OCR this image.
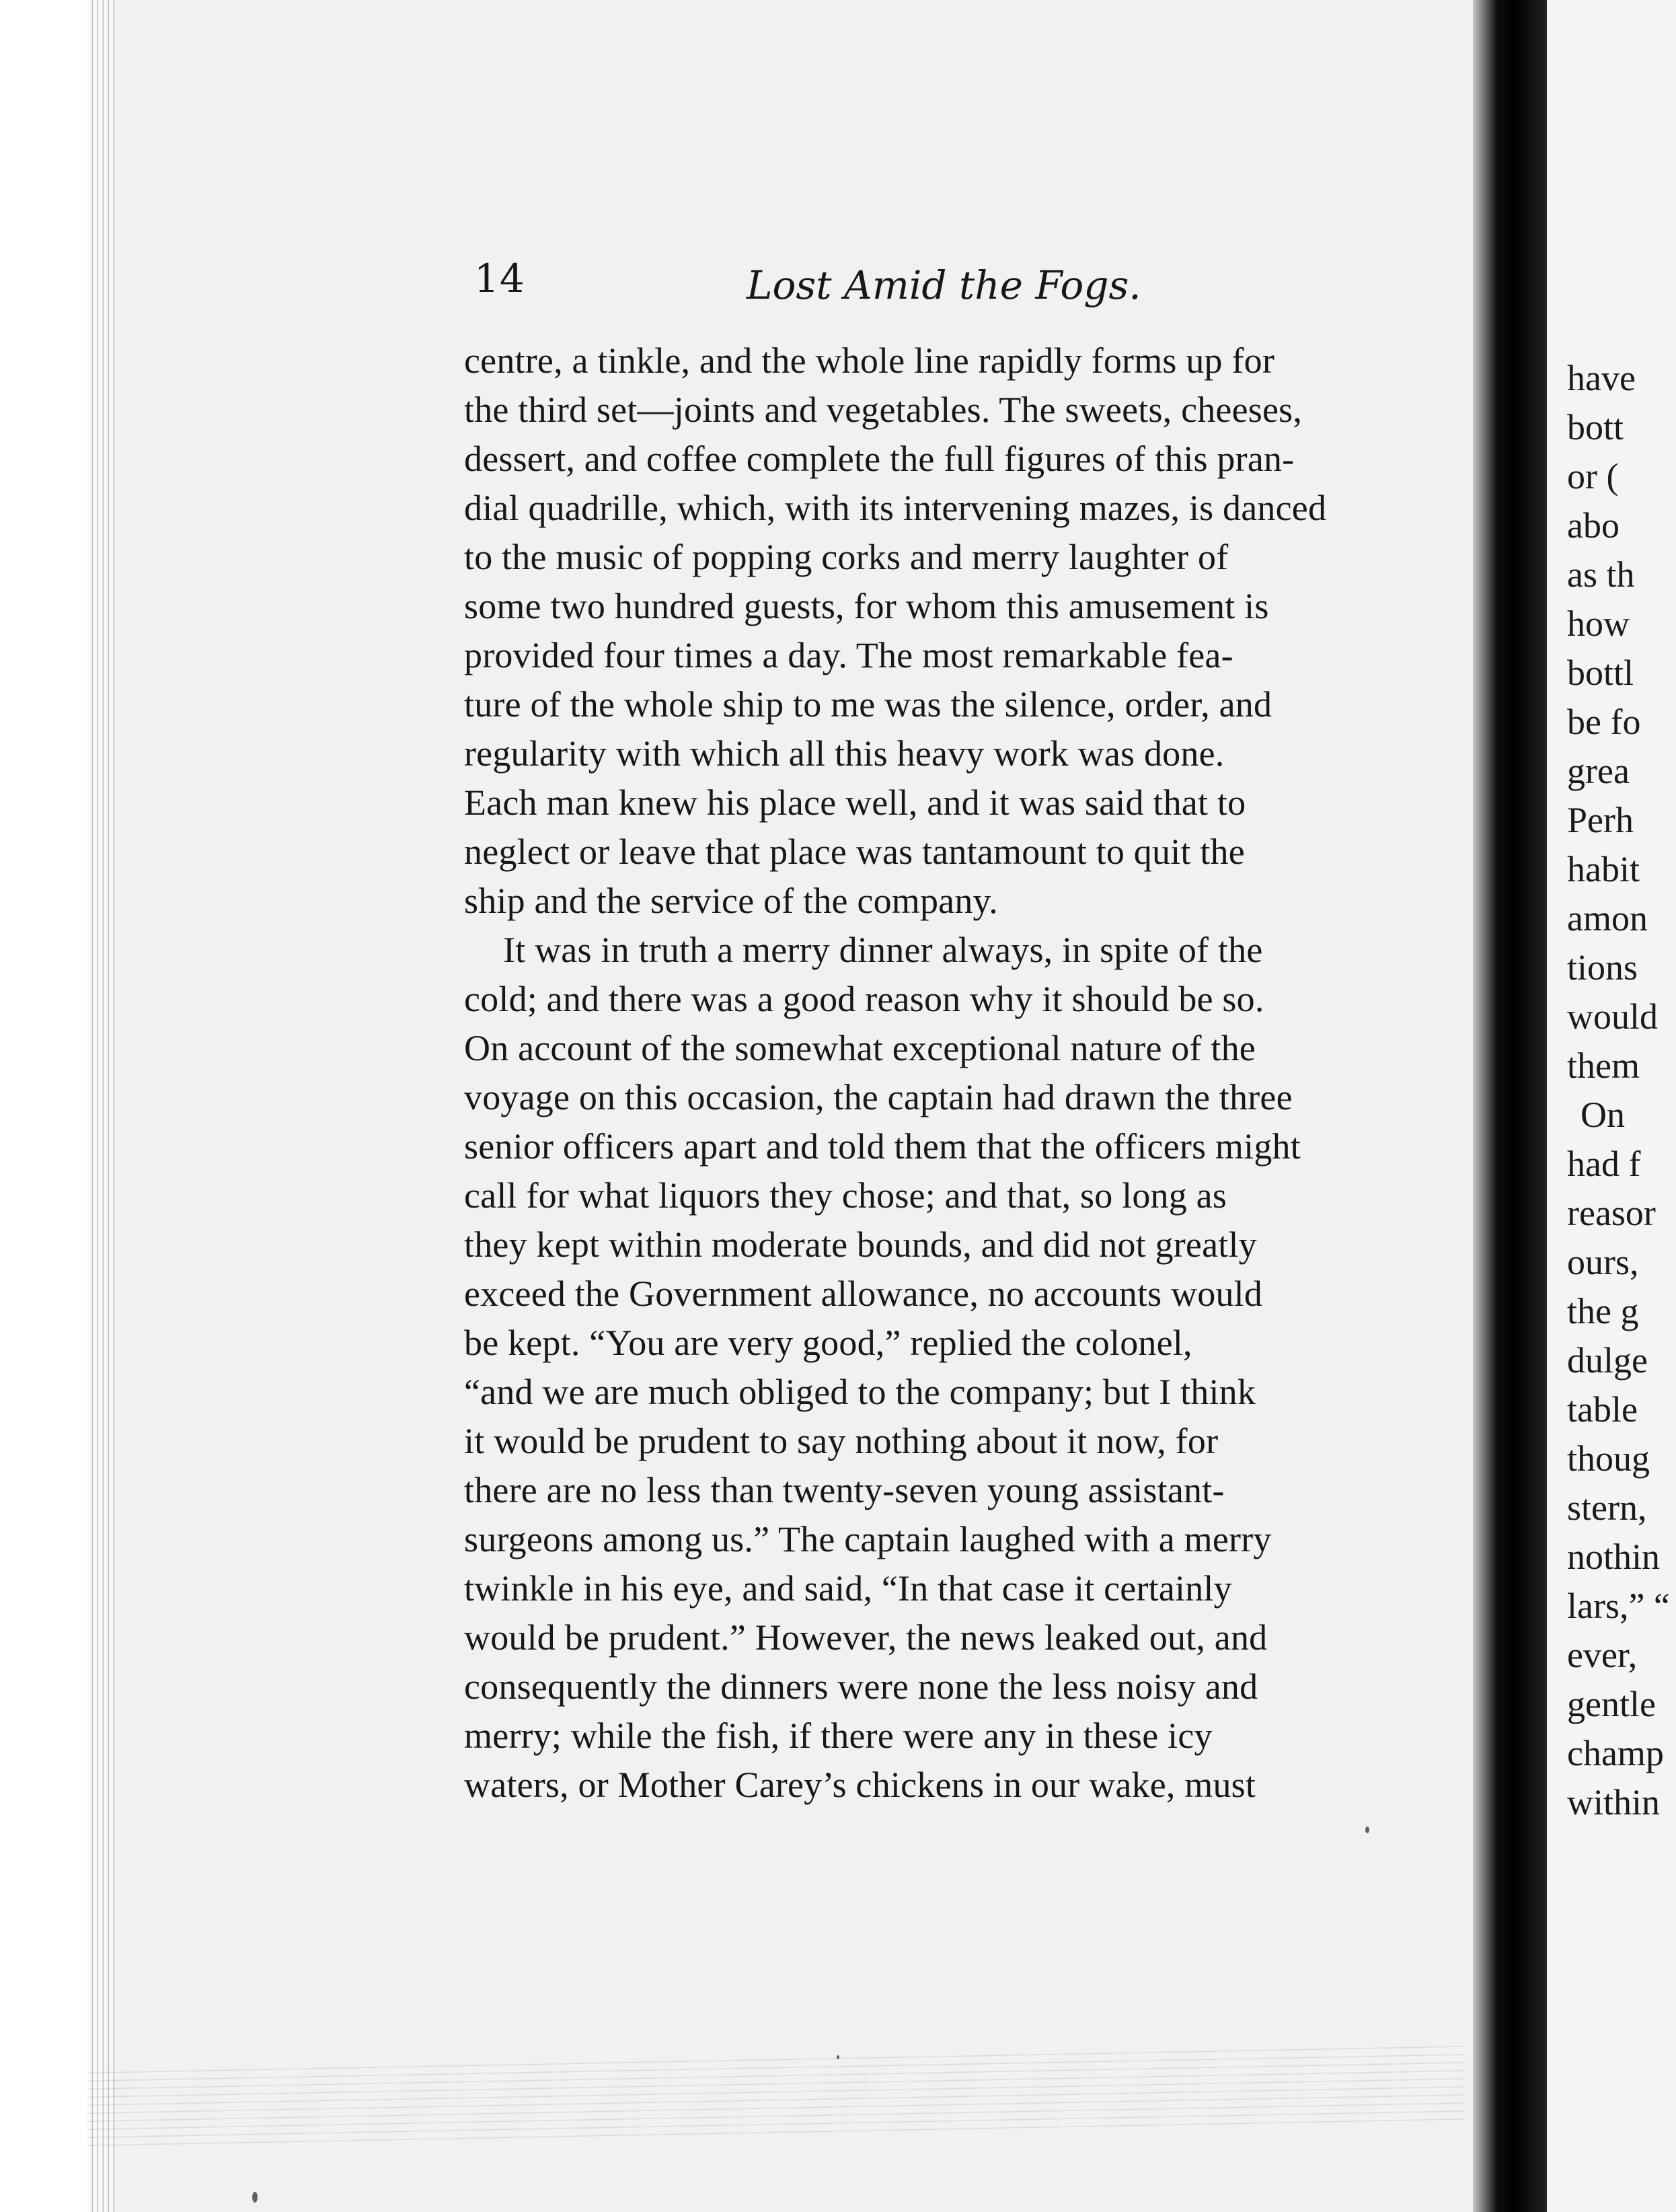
have
bott
or (
abo
as th
how
bottl
be fo
grea
Perh
habit
amon
tions
would
them
On
had f
reasor
ours,
the g
dulge
table
thoug
stern,
nothin
lars,” “
ever,
gentle
champ
within
14	Lost Amid the Fogs.
centre, a tinkle, and the whole line rapidly forms up for
the third set—joints and vegetables. The sweets, cheeses,
dessert, and coffee complete the full figures of this pran-
dial quadrille, which, with its intervening mazes, is danced
to the music of popping corks and merry laughter of
some two hundred guests, for whom this amusement is
provided four times a day. The most remarkable fea-
ture of the whole ship to me was the silence, order, and
regularity with which all this heavy work was done.
Each man knew his place well, and it was said that to
neglect or leave that place was tantamount to quit the
ship and the service of the company.
It was in truth a merry dinner always, in spite of the
cold; and there was a good reason why it should be so.
On account of the somewhat exceptional nature of the
voyage on this occasion, the captain had drawn the three
senior officers apart and told them that the officers might
call for what liquors they chose; and that, so long as
they kept within moderate bounds, and did not greatly
exceed the Government allowance, no accounts would
be kept. “You are very good,” replied the colonel,
“and we are much obliged to the company; but I think
it would be prudent to say nothing about it now, for
there are no less than twenty-seven young assistant-
surgeons among us.” The captain laughed with a merry
twinkle in his eye, and said, “In that case it certainly
would be prudent.” However, the news leaked out, and
consequently the dinners were none the less noisy and
merry; while the fish, if there were any in these icy
waters, or Mother Carey’s chickens in our wake, must
